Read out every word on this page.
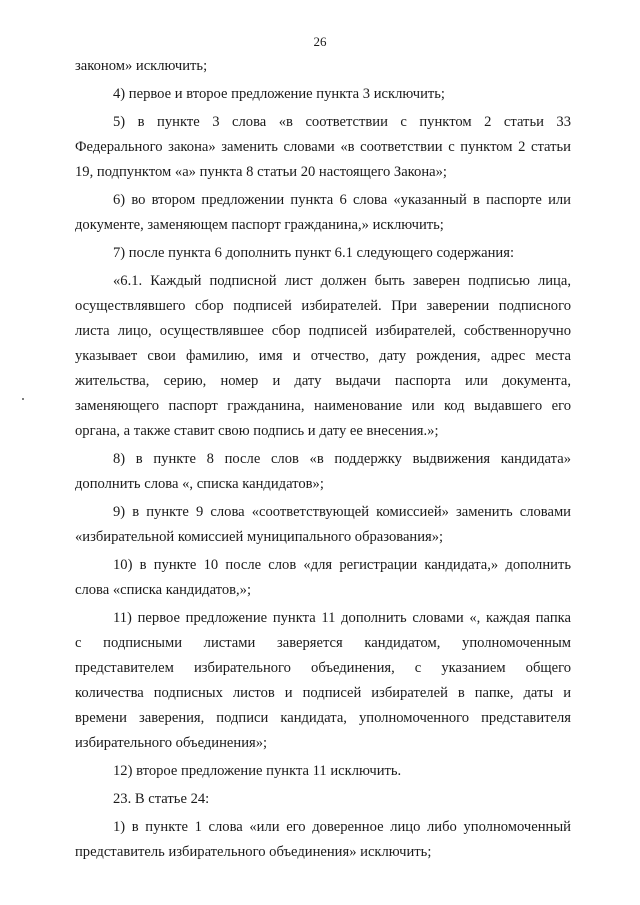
26

законом» исключить;

4) первое и второе предложение пункта 3 исключить;

5) в пункте 3 слова «в соответствии с пунктом 2 статьи 33
Федерального закона» заменить словами «в соответствии с пунктом 2 статьи
19, подпунктом «а» пункта 8 статьи 20 настоящего Закона»;

6) во втором предложении пункта 6 слова «указанный в паспорте или
документе, заменяющем паспорт гражданина,» исключить;

7) после пункта 6 дополнить пункт 6.1 следующего содержания:

«6.1. Каждый подписной лист должен быть заверен подписью лица,
осуществлявшего сбор подписей избирателей. При заверении подписного
листа лицо, осуществлявшее сбор подписей избирателей, собственноручно
указывает свои фамилию, имя и отчество, дату рождения, адрес места
жительства, серию, номер и дату выдачи паспорта или документа,
заменяющего паспорт гражданина, наименование или код выдавшего его
органа, а также ставит свою подпись и дату ее внесения.»;

8) в пункте 8 после слов «в поддержку выдвижения кандидата»
дополнить слова «, списка кандидатов»;

9) в пункте 9 слова «соответствующей комиссией» заменить словами
«избирательной комиссией муниципального образования»;

10) в пункте 10 после слов «для регистрации кандидата,» дополнить
слова «списка кандидатов,»;

11) первое предложение пункта 11 дополнить словами «, каждая папка
с подписными листами заверяется кандидатом, уполномоченным
представителем избирательного объединения, с указанием общего
количества подписных листов и подписей избирателей в папке, даты и
времени заверения, подписи кандидата, уполномоченного представителя
избирательного объединения»;

12) второе предложение пункта 11 исключить.

23. В статье 24:

1) в пункте 1 слова «или его доверенное лицо либо уполномоченный
представитель избирательного объединения» исключить;
